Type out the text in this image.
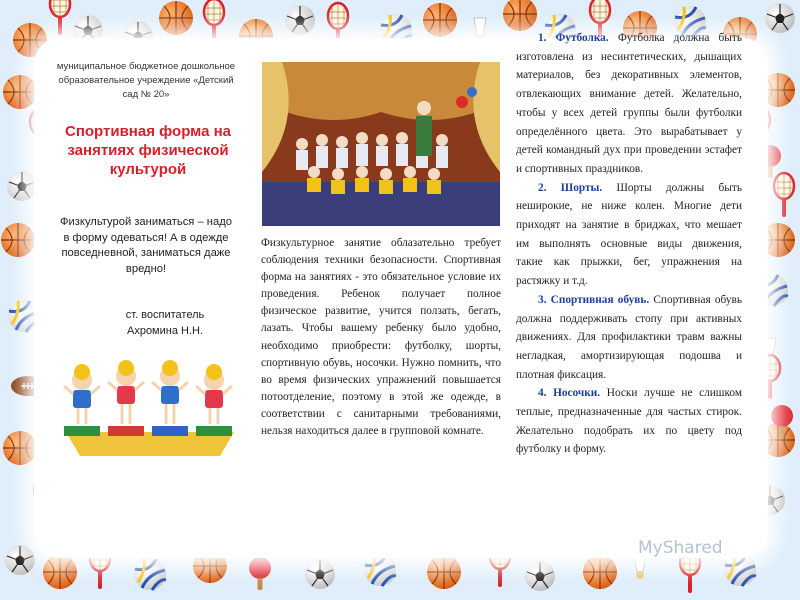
муниципальное бюджетное дошкольное образовательное учреждение «Детский сад № 20»
Спортивная форма на занятиях физической культурой
Физкультурой заниматься – надо в форму одеваться! А в одежде повседневной, заниматься даже вредно!
ст. воспитатель Ахромина Н.Н.
Физкультурное занятие облазательно требует соблюдения техники безопасности. Спортивная форма на занятиях - это обязательное условие их проведения. Ребенок получает полное физическое развитие, учится ползать, бегать, лазать. Чтобы вашему ребенку было удобно, необходимо приобрести: футболку, шорты, спортивную обувь, носочки. Нужно помнить, что во время физических упражнений повышается потоотделение, поэтому в этой же одежде, в соответствии с санитарными требованиями, нельзя находиться далее в групповой комнате.

1. Футболка. Футболка должна быть изготовлена из несинтетических, дышащих материалов, без декоративных элементов, отвлекающих внимание детей. Желательно, чтобы у всех детей группы были футболки определённого цвета. Это вырабатывает у детей командный дух при проведении эстафет и спортивных праздников.

2. Шорты. Шорты должны быть неширокие, не ниже колен. Многие дети приходят на занятие в бриджах, что мешает им выполнять основные виды движения, такие как прыжки, бег, упражнения на растяжку и т.д.

3. Спортивная обувь. Спортивная обувь должна поддерживать стопу при активных движениях. Для профилактики травм важны негладкая, амортизирующая подошва и плотная фиксация.

4. Носочки. Носки лучше не слишком теплые, предназначенные для частых стирок. Желательно подобрать их по цвету под футболку и форму.

MyShared
